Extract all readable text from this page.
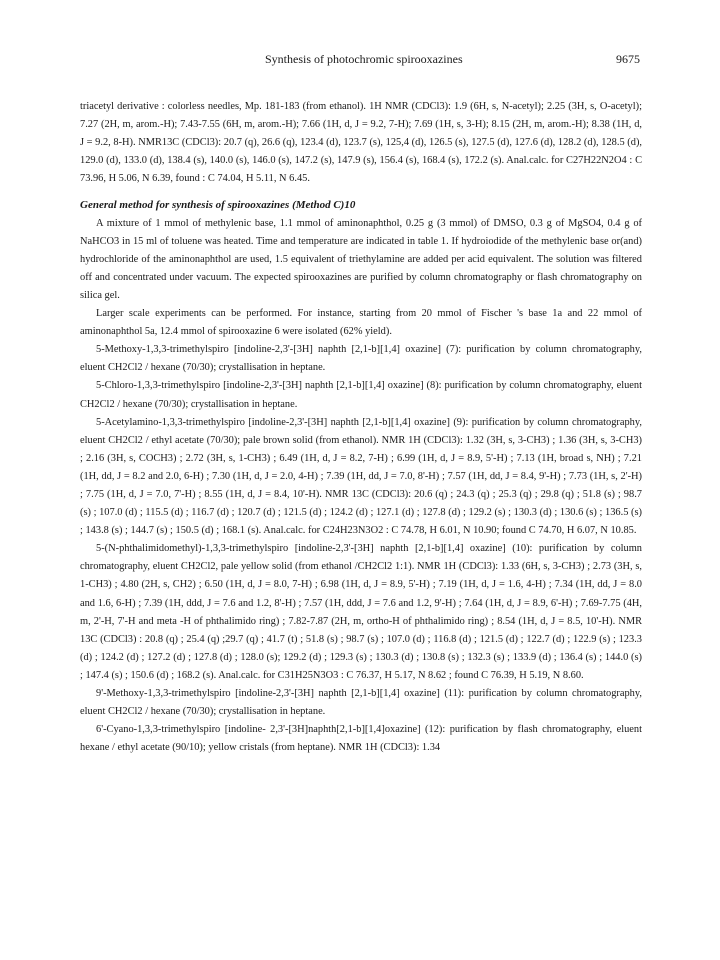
Synthesis of photochromic spirooxazines	9675

triacetyl derivative : colorless needles, Mp. 181-183 (from ethanol). 1H NMR (CDCl3): 1.9 (6H, s, N-acetyl); 2.25 (3H, s, O-acetyl); 7.27 (2H, m, arom.-H); 7.43-7.55 (6H, m, arom.-H); 7.66 (1H, d, J = 9.2, 7-H); 7.69 (1H, s, 3-H); 8.15 (2H, m, arom.-H); 8.38 (1H, d, J = 9.2, 8-H). NMR13C (CDCl3): 20.7 (q), 26.6 (q), 123.4 (d), 123.7 (s), 125,4 (d), 126.5 (s), 127.5 (d), 127.6 (d), 128.2 (d), 128.5 (d), 129.0 (d), 133.0 (d), 138.4 (s), 140.0 (s), 146.0 (s), 147.2 (s), 147.9 (s), 156.4 (s), 168.4 (s), 172.2 (s). Anal.calc. for C27H22N2O4 : C 73.96, H 5.06, N 6.39, found : C 74.04, H 5.11, N 6.45.

General method for synthesis of spirooxazines (Method C)10

A mixture of 1 mmol of methylenic base, 1.1 mmol of aminonaphthol, 0.25 g (3 mmol) of DMSO, 0.3 g of MgSO4, 0.4 g of NaHCO3 in 15 ml of toluene was heated. Time and temperature are indicated in table 1. If hydroiodide of the methylenic base or(and) hydrochloride of the aminonaphthol are used, 1.5 equivalent of triethylamine are added per acid equivalent. The solution was filtered off and concentrated under vacuum. The expected spirooxazines are purified by column chromatography or flash chromatography on silica gel.

Larger scale experiments can be performed. For instance, starting from 20 mmol of Fischer 's base 1a and 22 mmol of aminonaphthol 5a, 12.4 mmol of spirooxazine 6 were isolated (62% yield).

5-Methoxy-1,3,3-trimethylspiro [indoline-2,3'-[3H] naphth [2,1-b][1,4] oxazine] (7): purification by column chromatography, eluent CH2Cl2 / hexane (70/30); crystallisation in heptane.

5-Chloro-1,3,3-trimethylspiro [indoline-2,3'-[3H] naphth [2,1-b][1,4] oxazine] (8): purification by column chromatography, eluent CH2Cl2 / hexane (70/30); crystallisation in heptane.

5-Acetylamino-1,3,3-trimethylspiro [indoline-2,3'-[3H] naphth [2,1-b][1,4] oxazine] (9): purification by column chromatography, eluent CH2Cl2 / ethyl acetate (70/30); pale brown solid (from ethanol). NMR 1H (CDCl3): 1.32 (3H, s, 3-CH3) ; 1.36 (3H, s, 3-CH3) ; 2.16 (3H, s, COCH3) ; 2.72 (3H, s, 1-CH3) ; 6.49 (1H, d, J = 8.2, 7-H) ; 6.99 (1H, d, J = 8.9, 5'-H) ; 7.13 (1H, broad s, NH) ; 7.21 (1H, dd, J = 8.2 and 2.0, 6-H) ; 7.30 (1H, d, J = 2.0, 4-H) ; 7.39 (1H, dd, J = 7.0, 8'-H) ; 7.57 (1H, dd, J = 8.4, 9'-H) ; 7.73 (1H, s, 2'-H) ; 7.75 (1H, d, J = 7.0, 7'-H) ; 8.55 (1H, d, J = 8.4, 10'-H). NMR 13C (CDCl3): 20.6 (q) ; 24.3 (q) ; 25.3 (q) ; 29.8 (q) ; 51.8 (s) ; 98.7 (s) ; 107.0 (d) ; 115.5 (d) ; 116.7 (d) ; 120.7 (d) ; 121.5 (d) ; 124.2 (d) ; 127.1 (d) ; 127.8 (d) ; 129.2 (s) ; 130.3 (d) ; 130.6 (s) ; 136.5 (s) ; 143.8 (s) ; 144.7 (s) ; 150.5 (d) ; 168.1 (s). Anal.calc. for C24H23N3O2 : C 74.78, H 6.01, N 10.90; found C 74.70, H 6.07, N 10.85.

5-(N-phthalimidomethyl)-1,3,3-trimethylspiro [indoline-2,3'-[3H] naphth [2,1-b][1,4] oxazine] (10): purification by column chromatography, eluent CH2Cl2, pale yellow solid (from ethanol /CH2Cl2 1:1). NMR 1H (CDCl3): 1.33 (6H, s, 3-CH3) ; 2.73 (3H, s, 1-CH3) ; 4.80 (2H, s, CH2) ; 6.50 (1H, d, J = 8.0, 7-H) ; 6.98 (1H, d, J = 8.9, 5'-H) ; 7.19 (1H, d, J = 1.6, 4-H) ; 7.34 (1H, dd, J = 8.0 and 1.6, 6-H) ; 7.39 (1H, ddd, J = 7.6 and 1.2, 8'-H) ; 7.57 (1H, ddd, J = 7.6 and 1.2, 9'-H) ; 7.64 (1H, d, J = 8.9, 6'-H) ; 7.69-7.75 (4H, m, 2'-H, 7'-H and meta -H of phthalimido ring) ; 7.82-7.87 (2H, m, ortho-H of phthalimido ring) ; 8.54 (1H, d, J = 8.5, 10'-H). NMR 13C (CDCl3) : 20.8 (q) ; 25.4 (q) ;29.7 (q) ; 41.7 (t) ; 51.8 (s) ; 98.7 (s) ; 107.0 (d) ; 116.8 (d) ; 121.5 (d) ; 122.7 (d) ; 122.9 (s) ; 123.3 (d) ; 124.2 (d) ; 127.2 (d) ; 127.8 (d) ; 128.0 (s); 129.2 (d) ; 129.3 (s) ; 130.3 (d) ; 130.8 (s) ; 132.3 (s) ; 133.9 (d) ; 136.4 (s) ; 144.0 (s) ; 147.4 (s) ; 150.6 (d) ; 168.2 (s). Anal.calc. for C31H25N3O3 : C 76.37, H 5.17, N 8.62 ; found C 76.39, H 5.19, N 8.60.

9'-Methoxy-1,3,3-trimethylspiro [indoline-2,3'-[3H] naphth [2,1-b][1,4] oxazine] (11): purification by column chromatography, eluent CH2Cl2 / hexane (70/30); crystallisation in heptane.

6'-Cyano-1,3,3-trimethylspiro [indoline- 2,3'-[3H]naphth[2,1-b][1,4]oxazine] (12): purification by flash chromatography, eluent hexane / ethyl acetate (90/10); yellow cristals (from heptane). NMR 1H (CDCl3): 1.34
